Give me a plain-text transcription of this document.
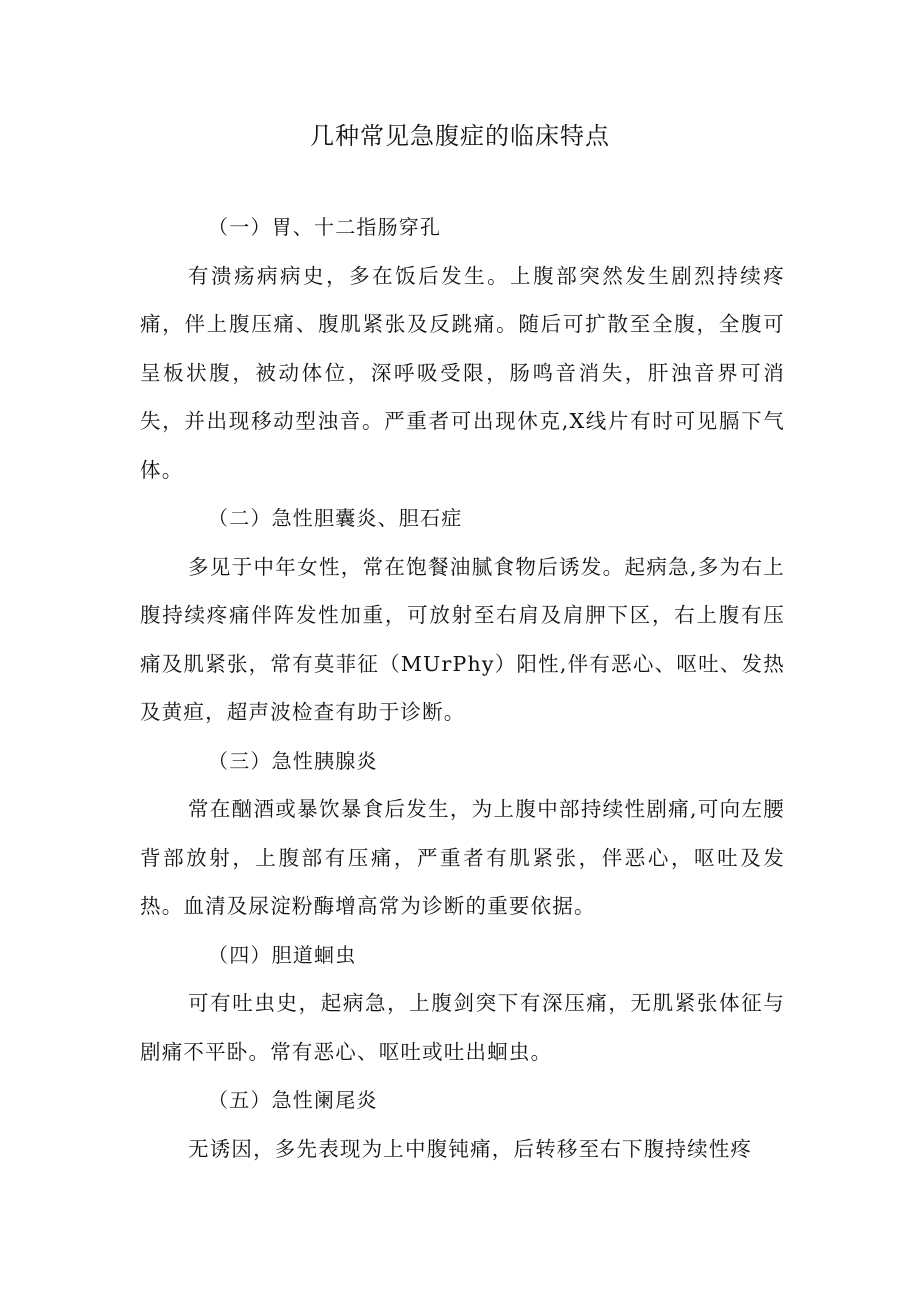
几种常见急腹症的临床特点

（一）胃、十二指肠穿孔

有溃疡病病史，多在饭后发生。上腹部突然发生剧烈持续疼痛，伴上腹压痛、腹肌紧张及反跳痛。随后可扩散至全腹，全腹可呈板状腹，被动体位，深呼吸受限，肠鸣音消失，肝浊音界可消失，并出现移动型浊音。严重者可出现休克,X线片有时可见膈下气体。

（二）急性胆囊炎、胆石症

多见于中年女性，常在饱餐油腻食物后诱发。起病急,多为右上腹持续疼痛伴阵发性加重，可放射至右肩及肩胛下区，右上腹有压痛及肌紧张，常有莫菲征（MUrPhy）阳性,伴有恶心、呕吐、发热及黄疸，超声波检查有助于诊断。

（三）急性胰腺炎

常在酗酒或暴饮暴食后发生，为上腹中部持续性剧痛,可向左腰背部放射，上腹部有压痛，严重者有肌紧张，伴恶心，呕吐及发热。血清及尿淀粉酶增高常为诊断的重要依据。

（四）胆道蛔虫

可有吐虫史，起病急，上腹剑突下有深压痛，无肌紧张体征与剧痛不平卧。常有恶心、呕吐或吐出蛔虫。

（五）急性阑尾炎

无诱因，多先表现为上中腹钝痛，后转移至右下腹持续性疼
